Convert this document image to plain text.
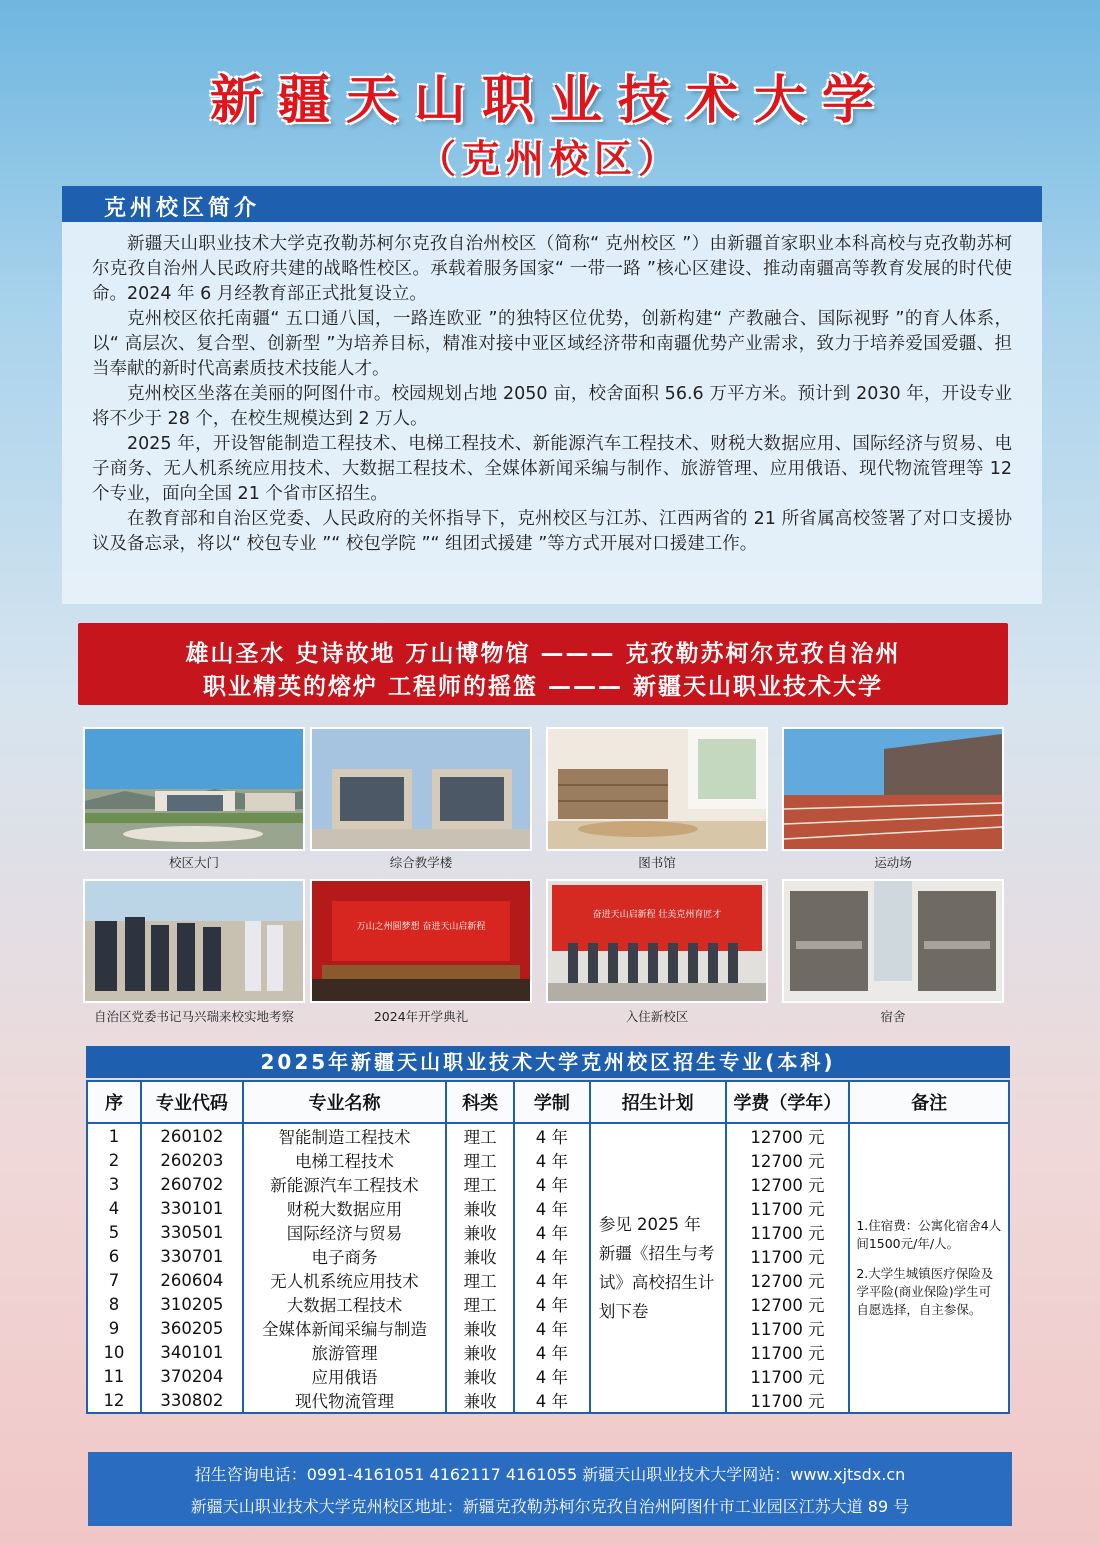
新疆天山职业技术大学
（克州校区）
克州校区简介

新疆天山职业技术大学克孜勒苏柯尔克孜自治州校区（简称“ 克州校区 ”）由新疆首家职业本科高校与克孜勒苏柯尔克孜自治州人民政府共建的战略性校区。承载着服务国家“ 一带一路 ”核心区建设、推动南疆高等教育发展的时代使命。2024 年 6 月经教育部正式批复设立。

克州校区依托南疆“ 五口通八国，一路连欧亚 ”的独特区位优势，创新构建“ 产教融合、国际视野 ”的育人体系，以“ 高层次、复合型、创新型 ”为培养目标，精准对接中亚区域经济带和南疆优势产业需求，致力于培养爱国爱疆、担当奉献的新时代高素质技术技能人才。

克州校区坐落在美丽的阿图什市。校园规划占地 2050 亩，校舍面积 56.6 万平方米。预计到 2030 年，开设专业将不少于 28 个，在校生规模达到 2 万人。

2025 年，开设智能制造工程技术、电梯工程技术、新能源汽车工程技术、财税大数据应用、国际经济与贸易、电子商务、无人机系统应用技术、大数据工程技术、全媒体新闻采编与制作、旅游管理、应用俄语、现代物流管理等 12 个专业，面向全国 21 个省市区招生。

在教育部和自治区党委、人民政府的关怀指导下，克州校区与江苏、江西两省的 21 所省属高校签署了对口支援协议及备忘录，将以“ 校包专业 ”“ 校包学院 ”“ 组团式援建 ”等方式开展对口援建工作。

雄山圣水 史诗故地 万山博物馆 ——— 克孜勒苏柯尔克孜自治州
职业精英的熔炉 工程师的摇篮 ——— 新疆天山职业技术大学
校区大门	综合教学楼	图书馆	运动场
万山之州圆梦想 奋进天山启新程
奋进天山启新程 壮美克州育匠才
自治区党委书记马兴瑞来校实地考察	2024年开学典礼	入住新校区	宿舍
2025年新疆天山职业技术大学克州校区招生专业(本科)
序	专业代码	专业名称	科类	学制	招生计划	学费（学年）	备注
1	260102	智能制造工程技术	理工	4 年	参见 2025 年新疆《招生与考试》高校招生计划下卷	12700 元	1.住宿费：公寓化宿舍4人间1500元/年/人。
2.大学生城镇医疗保险及学平险(商业保险)学生可自愿选择，自主参保。

2	260203	电梯工程技术	理工	4 年		12700 元	
3	260702	新能源汽车工程技术	理工	4 年		12700 元	
4	330101	财税大数据应用	兼收	4 年		11700 元	
5	330501	国际经济与贸易	兼收	4 年		11700 元	
6	330701	电子商务	兼收	4 年		11700 元	
7	260604	无人机系统应用技术	理工	4 年		12700 元	
8	310205	大数据工程技术	理工	4 年		12700 元	
9	360205	全媒体新闻采编与制造	兼收	4 年		11700 元	
10	340101	旅游管理	兼收	4 年		11700 元	
11	370204	应用俄语	兼收	4 年		11700 元	
12	330802	现代物流管理	兼收	4 年		11700 元	
招生咨询电话：0991-4161051 4162117 4161055 新疆天山职业技术大学网站：www.xjtsdx.cn
新疆天山职业技术大学克州校区地址：新疆克孜勒苏柯尔克孜自治州阿图什市工业园区江苏大道 89 号
